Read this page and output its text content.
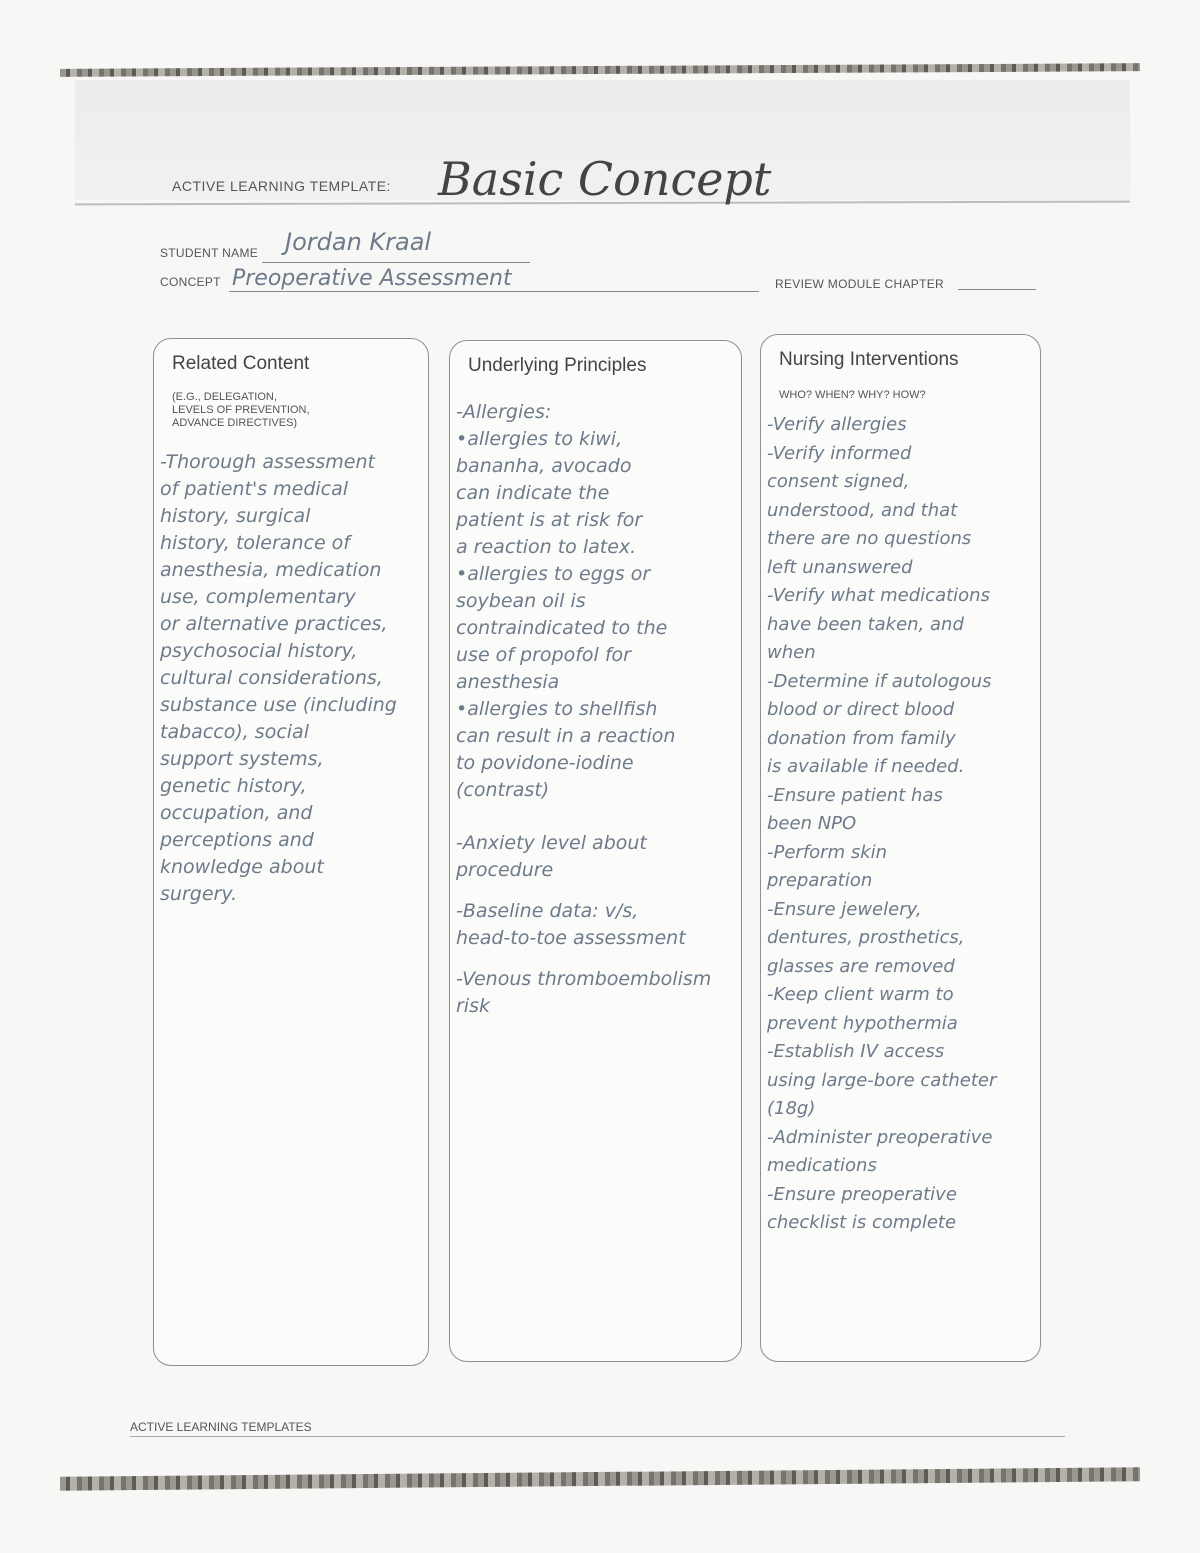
ACTIVE LEARNING TEMPLATE: Basic Concept
STUDENT NAME Jordan Kraal
CONCEPT Preoperative Assessment	REVIEW MODULE CHAPTER
Related Content
(E.G., DELEGATION,
LEVELS OF PREVENTION,
ADVANCE DIRECTIVES)
-Thorough assessment
of patient's medical
history, surgical
history, tolerance of
anesthesia, medication
use, complementary
or alternative practices,
psychosocial history,
cultural considerations,
substance use (including
tabacco), social
support systems,
genetic history,
occupation, and
perceptions and
knowledge about
surgery.
Underlying Principles
-Allergies:
•allergies to kiwi,
bananha, avocado
can indicate the
patient is at risk for
a reaction to latex.
•allergies to eggs or
soybean oil is
contraindicated to the
use of propofol for
anesthesia
•allergies to shellfish
can result in a reaction
to povidone-iodine
(contrast)
-Anxiety level about
procedure
-Baseline data: v/s,
head-to-toe assessment
-Venous thromboembolism
risk
Nursing Interventions
WHO? WHEN? WHY? HOW?
-Verify allergies
-Verify informed
consent signed,
understood, and that
there are no questions
left unanswered
-Verify what medications
have been taken, and
when
-Determine if autologous
blood or direct blood
donation from family
is available if needed.
-Ensure patient has
been NPO
-Perform skin
preparation
-Ensure jewelery,
dentures, prosthetics,
glasses are removed
-Keep client warm to
prevent hypothermia
-Establish IV access
using large-bore catheter
(18g)
-Administer preoperative
medications
-Ensure preoperative
checklist is complete
ACTIVE LEARNING TEMPLATES
